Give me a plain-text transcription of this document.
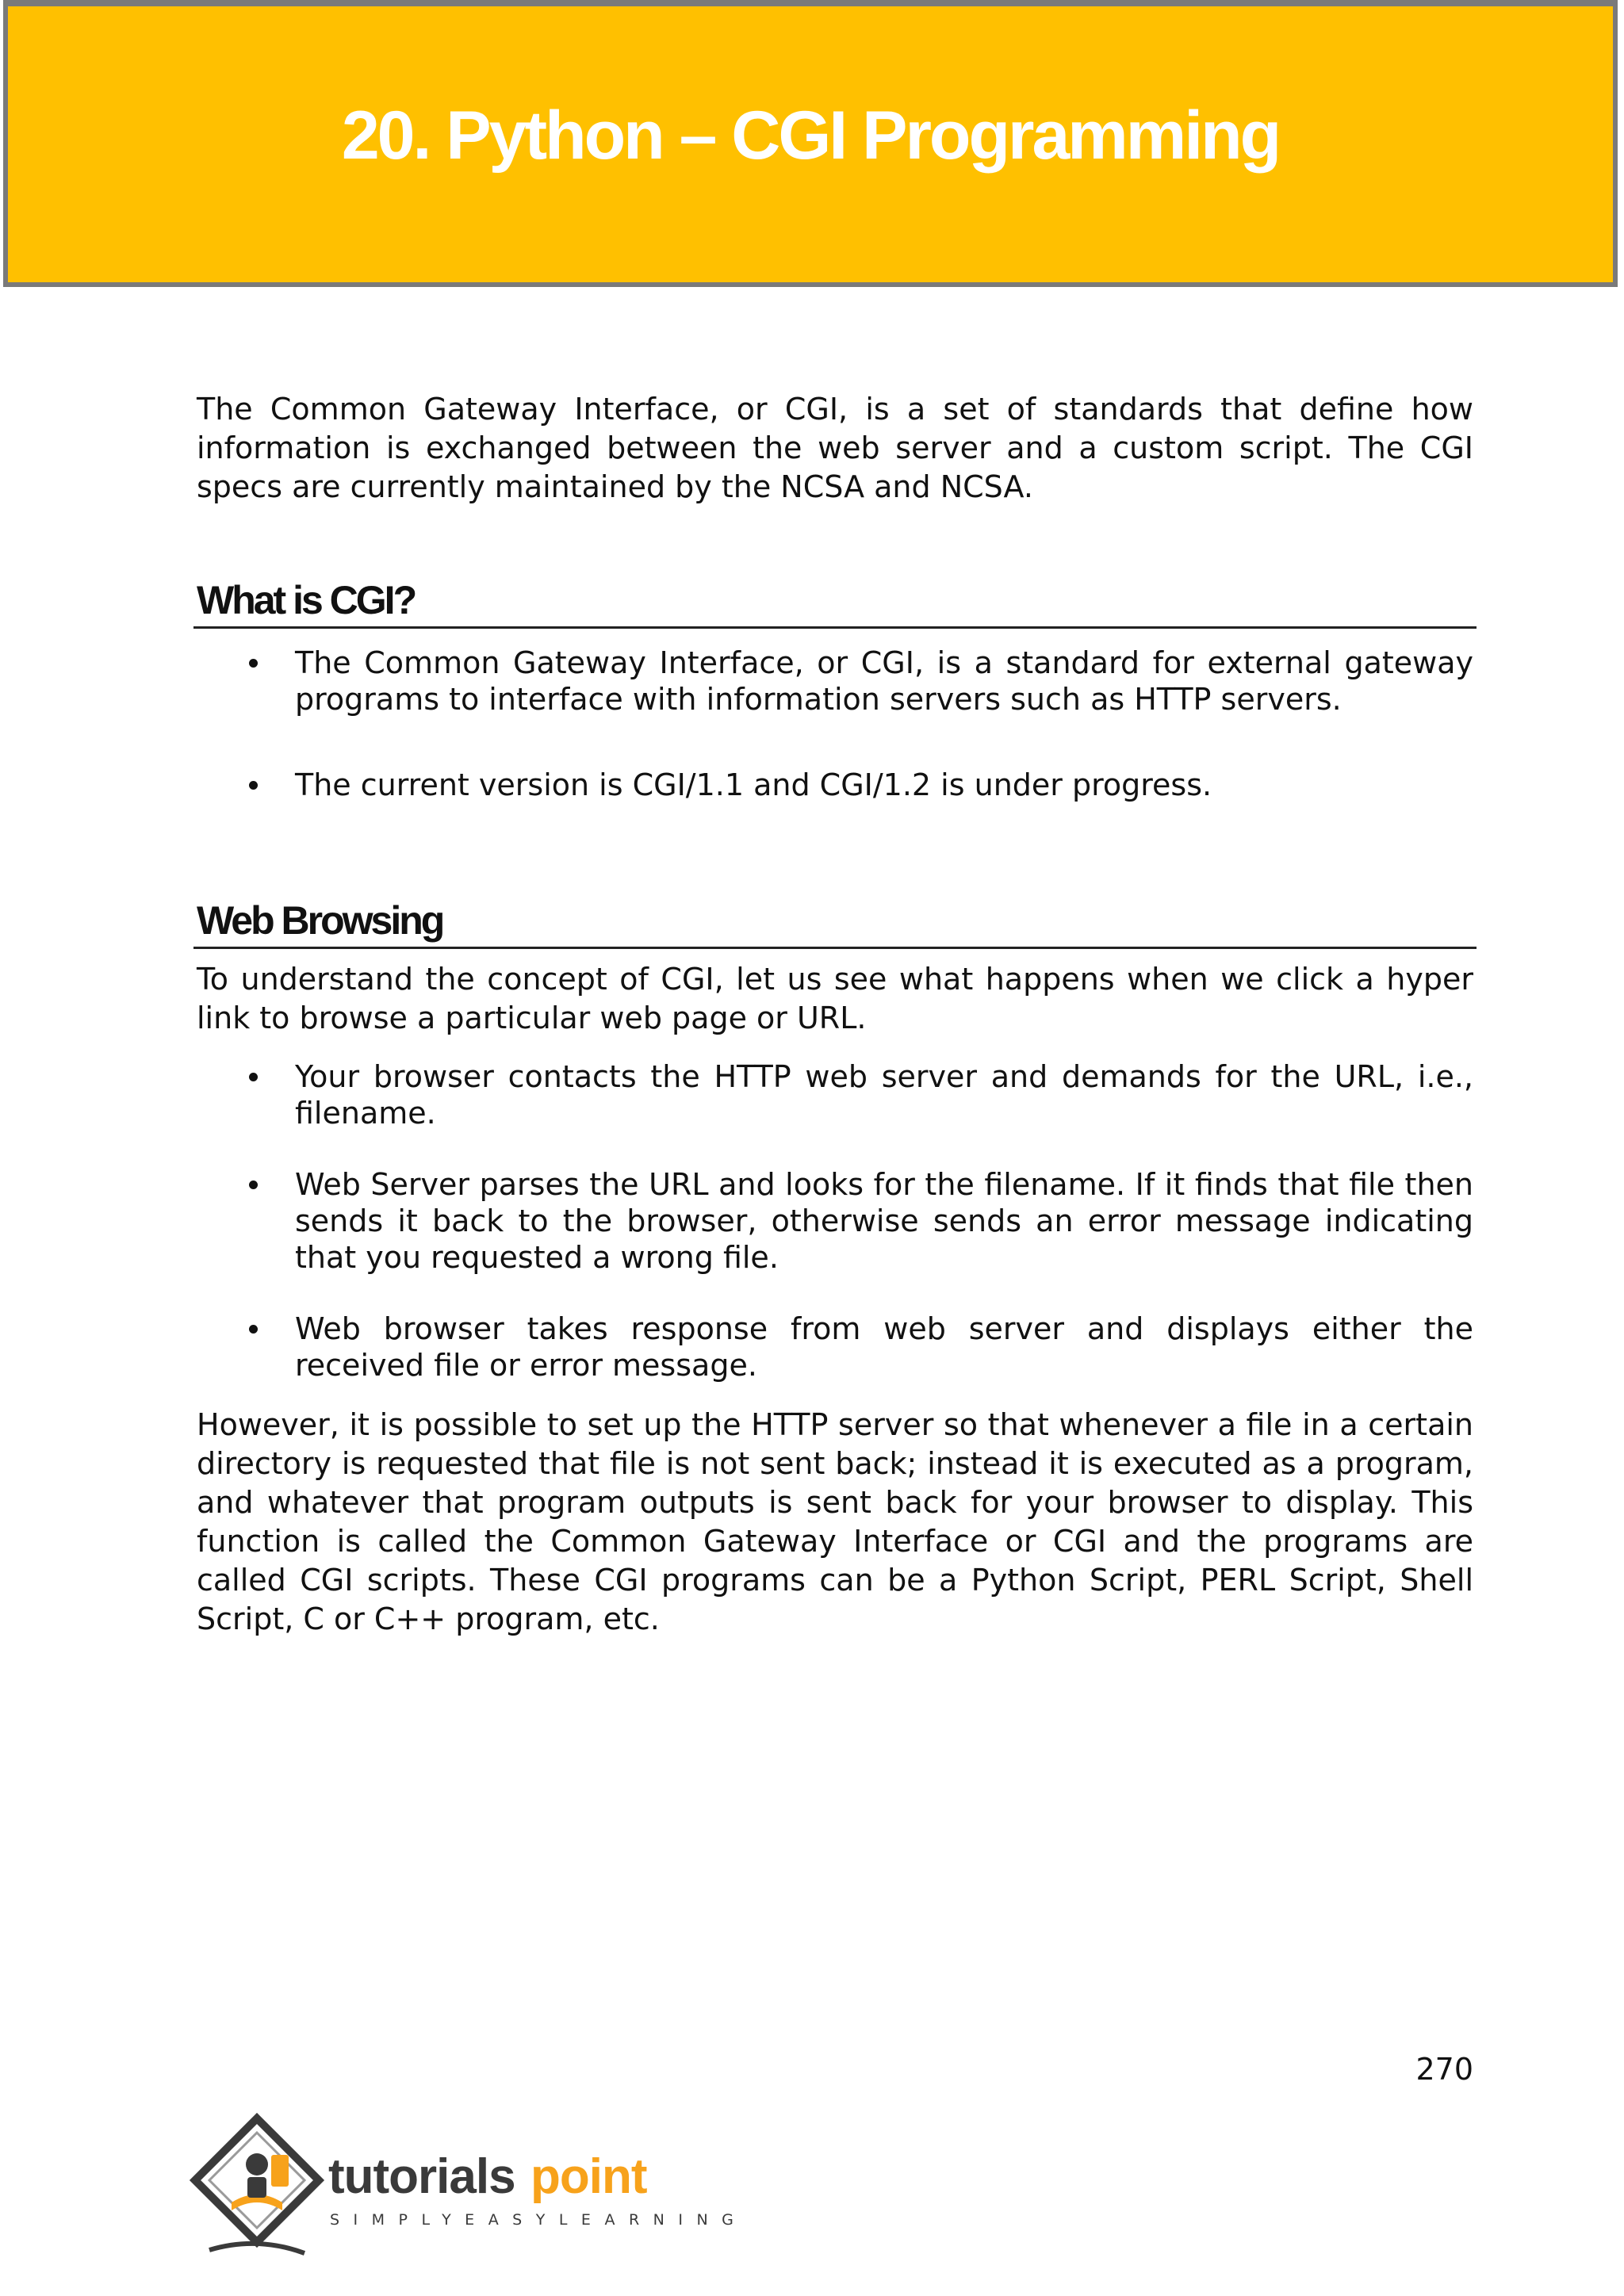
20. Python – CGI Programming

The Common Gateway Interface, or CGI, is a set of standards that define how information is exchanged between the web server and a custom script. The CGI specs are currently maintained by the NCSA and NCSA.

What is CGI?
The Common Gateway Interface, or CGI, is a standard for external gateway programs to interface with information servers such as HTTP servers.
The current version is CGI/1.1 and CGI/1.2 is under progress.
Web Browsing

To understand the concept of CGI, let us see what happens when we click a hyper link to browse a particular web page or URL.

Your browser contacts the HTTP web server and demands for the URL, i.e., filename.
Web Server parses the URL and looks for the filename. If it finds that file then sends it back to the browser, otherwise sends an error message indicating that you requested a wrong file.
Web browser takes response from web server and displays either the received file or error message.

However, it is possible to set up the HTTP server so that whenever a file in a certain directory is requested that file is not sent back; instead it is executed as a program, and whatever that program outputs is sent back for your browser to display. This function is called the Common Gateway Interface or CGI and the programs are called CGI scripts. These CGI programs can be a Python Script, PERL Script, Shell Script, C or C++ program, etc.

270
tutorials point
SIMPLYEASYLEARNING
